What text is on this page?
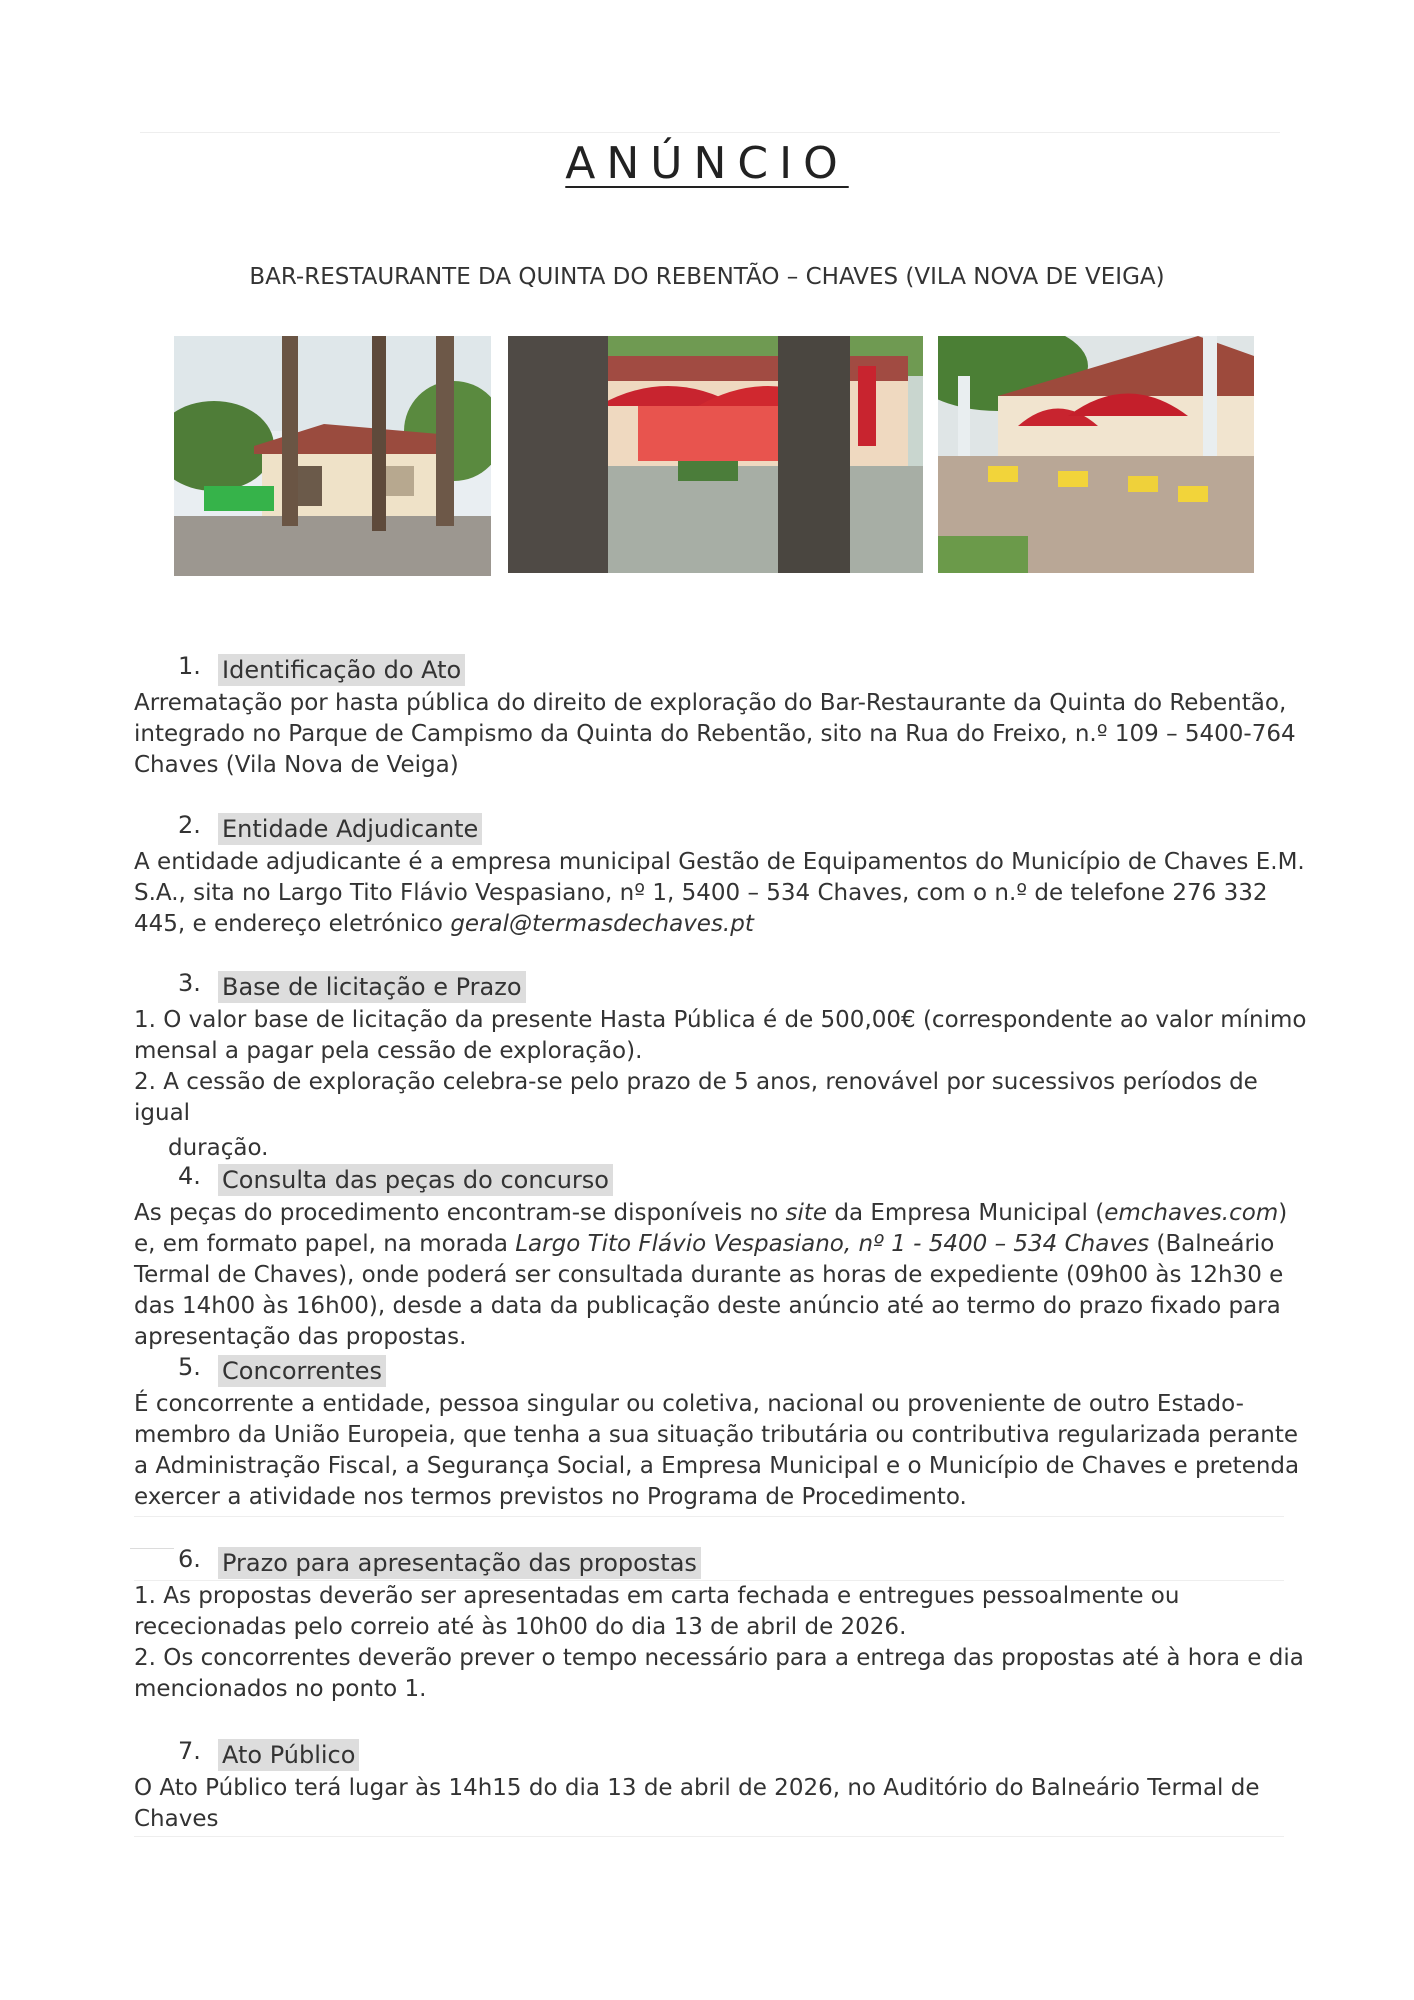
ANÚNCIO
BAR-RESTAURANTE DA QUINTA DO REBENTÃO – CHAVES (VILA NOVA DE VEIGA)
1. Identificação do Ato

Arrematação por hasta pública do direito de exploração do Bar-Restaurante da Quinta do Rebentão, integrado no Parque de Campismo da Quinta do Rebentão, sito na Rua do Freixo, n.º 109 – 5400-764 Chaves (Vila Nova de Veiga)

2. Entidade Adjudicante

A entidade adjudicante é a empresa municipal Gestão de Equipamentos do Município de Chaves E.M. S.A., sita no Largo Tito Flávio Vespasiano, nº 1, 5400 – 534 Chaves, com o n.º de telefone 276 332 445, e endereço eletrónico geral@termasdechaves.pt

3. Base de licitação e Prazo

1. O valor base de licitação da presente Hasta Pública é de 500,00€ (correspondente ao valor mínimo mensal a pagar pela cessão de exploração).

2. A cessão de exploração celebra-se pelo prazo de 5 anos, renovável por sucessivos períodos de igual

duração.

4. Consulta das peças do concurso

As peças do procedimento encontram-se disponíveis no site da Empresa Municipal (emchaves.com) e, em formato papel, na morada Largo Tito Flávio Vespasiano, nº 1 - 5400 – 534 Chaves (Balneário Termal de Chaves), onde poderá ser consultada durante as horas de expediente (09h00 às 12h30 e das 14h00 às 16h00), desde a data da publicação deste anúncio até ao termo do prazo fixado para apresentação das propostas.

5. Concorrentes

É concorrente a entidade, pessoa singular ou coletiva, nacional ou proveniente de outro Estado-membro da União Europeia, que tenha a sua situação tributária ou contributiva regularizada perante a Administração Fiscal, a Segurança Social, a Empresa Municipal e o Município de Chaves e pretenda exercer a atividade nos termos previstos no Programa de Procedimento.

6. Prazo para apresentação das propostas

1. As propostas deverão ser apresentadas em carta fechada e entregues pessoalmente ou rececionadas pelo correio até às 10h00 do dia 13 de abril de 2026.

2. Os concorrentes deverão prever o tempo necessário para a entrega das propostas até à hora e dia mencionados no ponto 1.

7. Ato Público

O Ato Público terá lugar às 14h15 do dia 13 de abril de 2026, no Auditório do Balneário Termal de Chaves
